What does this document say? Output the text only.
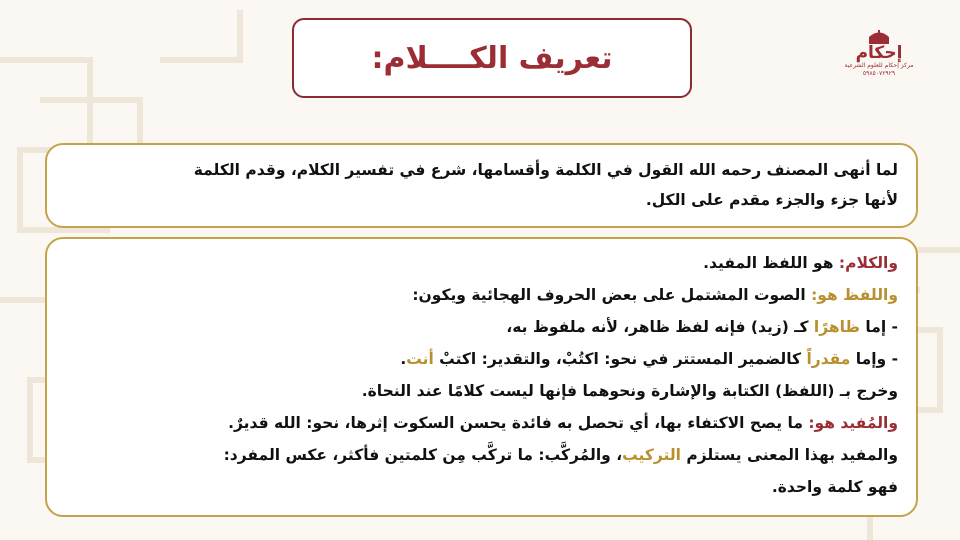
إحكام
مركز إحكام للعلوم الشرعية
٥٩٨٥٠٧٢٩٢٩
تعريف الكــــلام:
لما أنهى المصنف رحمه الله القول في الكلمة وأقسامها، شرع في تفسير الكلام، وقدم الكلمة
لأنها جزء والجزء مقدم على الكل.
والكلام: هو اللفظ المفيد.
واللفظ هو: الصوت المشتمل على بعض الحروف الهجائية ويكون:
- إما ظاهرًا كـ (زيد) فإنه لفظ ظاهر، لأنه ملفوظ به،
- وإما مقدراً كالضمير المستتر في نحو: اكتُبْ، والتقدير: اكتبْ أنت.
وخرج بـ (اللفظ) الكتابة والإشارة ونحوهما فإنها ليست كلامًا عند النحاة.
والمُفيد هو: ما يصح الاكتفاء بها، أي تحصل به فائدة يحسن السكوت إثرها، نحو: الله قديرٌ.
والمفيد بهذا المعنى يستلزم التركيب، والمُركَّب: ما تركَّب مِن كلمتين فأكثر، عكس المفرد:
فهو كلمة واحدة.
